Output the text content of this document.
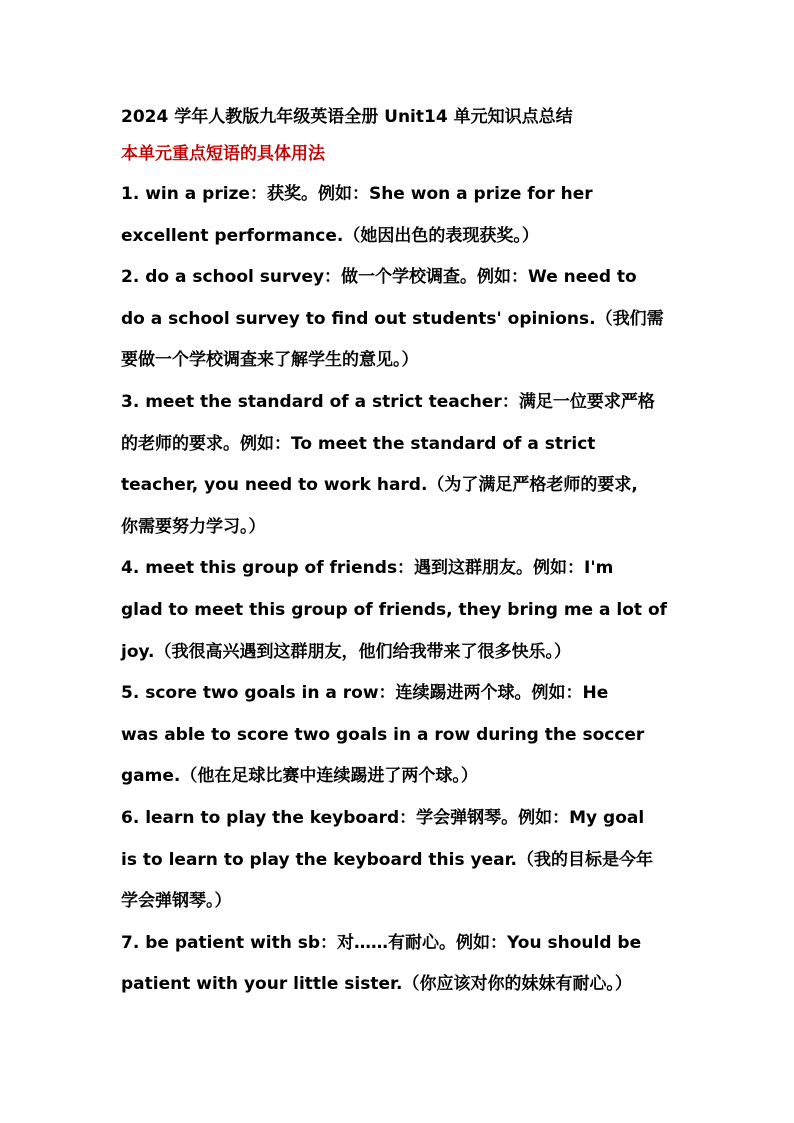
2024 学年人教版九年级英语全册 Unit14 单元知识点总结

本单元重点短语的具体用法

1. win a prize：获奖。例如：She won a prize for her
excellent performance.（她因出色的表现获奖。）

2. do a school survey：做一个学校调查。例如：We need to
do a school survey to find out students' opinions.（我们需
要做一个学校调查来了解学生的意见。）

3. meet the standard of a strict teacher：满足一位要求严格
的老师的要求。例如：To meet the standard of a strict
teacher, you need to work hard.（为了满足严格老师的要求,
你需要努力学习。）

4. meet this group of friends：遇到这群朋友。例如：I'm
glad to meet this group of friends, they bring me a lot of
joy.（我很高兴遇到这群朋友，他们给我带来了很多快乐。）

5. score two goals in a row：连续踢进两个球。例如：He
was able to score two goals in a row during the soccer
game.（他在足球比赛中连续踢进了两个球。）

6. learn to play the keyboard：学会弹钢琴。例如：My goal
is to learn to play the keyboard this year.（我的目标是今年
学会弹钢琴。）

7. be patient with sb：对……有耐心。例如：You should be
patient with your little sister.（你应该对你的妹妹有耐心。）
